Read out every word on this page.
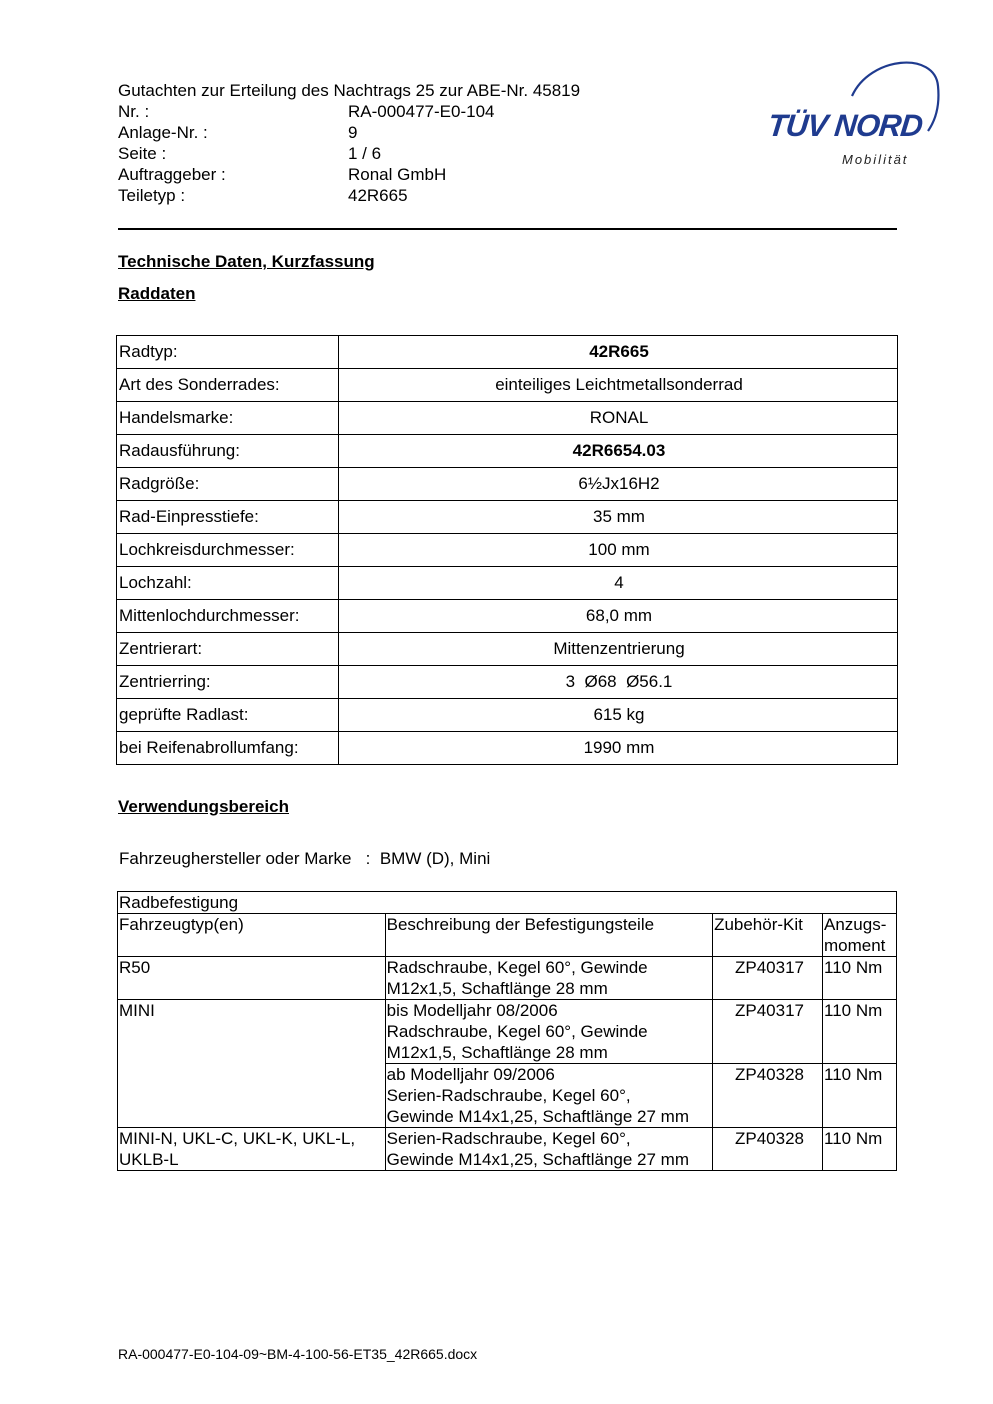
Gutachten zur Erteilung des Nachtrags 25 zur ABE-Nr. 45819
Nr. :	RA-000477-E0-104
Anlage-Nr. :	9
Seite :	1 / 6
Auftraggeber :	Ronal GmbH
Teiletyp :	42R665
TÜV NORD
Mobilität
Technische Daten, Kurzfassung
Raddaten
Radtyp:	42R665
Art des Sonderrades:	einteiliges Leichtmetallsonderrad
Handelsmarke:	RONAL
Radausführung:	42R6654.03
Radgröße:	6½Jx16H2
Rad-Einpresstiefe:	35 mm
Lochkreisdurchmesser:	100 mm
Lochzahl:	4
Mittenlochdurchmesser:	68,0 mm
Zentrierart:	Mittenzentrierung
Zentrierring:	3  Ø68  Ø56.1
geprüfte Radlast:	615 kg
bei Reifenabrollumfang:	1990 mm
Verwendungsbereich
Fahrzeughersteller oder Marke : BMW (D), Mini
Radbefestigung			
Fahrzeugtyp(en)	Beschreibung der Befestigungsteile	Zubehör-Kit	Anzugs-
moment
R50	Radschraube, Kegel 60°, Gewinde
M12x1,5, Schaftlänge 28 mm	ZP40317	110 Nm
MINI	bis Modelljahr 08/2006
Radschraube, Kegel 60°, Gewinde
M12x1,5, Schaftlänge 28 mm	ZP40317	110 Nm
	ab Modelljahr 09/2006
Serien-Radschraube, Kegel 60°,
Gewinde M14x1,25, Schaftlänge 27 mm	ZP40328	110 Nm
MINI-N, UKL-C, UKL-K, UKL-L,
UKLB-L	Serien-Radschraube, Kegel 60°,
Gewinde M14x1,25, Schaftlänge 27 mm	ZP40328	110 Nm
RA-000477-E0-104-09~BM-4-100-56-ET35_42R665.docx
